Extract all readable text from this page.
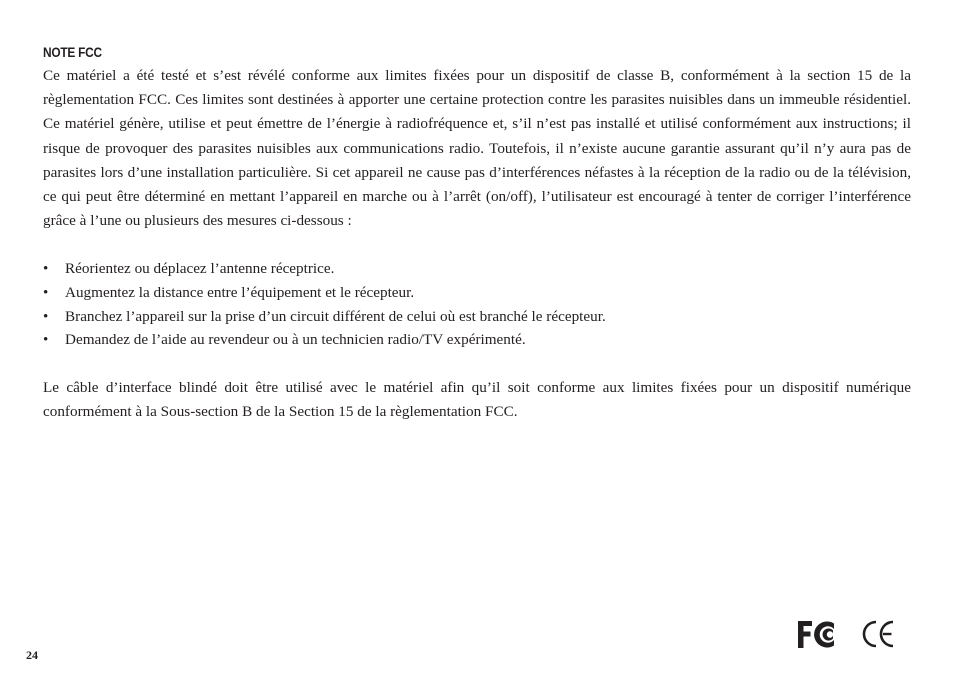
NOTE FCC

Ce matériel a été testé et s’est révélé conforme aux limites fixées pour un dispositif de classe B, conformément à la section 15 de la règlementation FCC. Ces limites sont destinées à apporter une certaine protection contre les parasites nuisibles dans un immeuble résidentiel. Ce matériel génère, utilise et peut émettre de l’énergie à radiofréquence et, s’il n’est pas installé et utilisé conformément aux instructions; il risque de provoquer des parasites nuisibles aux communications radio. Toutefois, il n’existe aucune garantie assurant qu’il n’y aura pas de parasites lors d’une installation particulière. Si cet appareil ne cause pas d’interférences néfastes à la réception de la radio ou de la télévision, ce qui peut être déterminé en mettant l’appareil en marche ou à l’arrêt (on/off), l’utilisateur est encouragé à tenter de corriger l’interférence grâce à l’une ou plusieurs des mesures ci-dessous :

• Réorientez ou déplacez l’antenne réceptrice.
• Augmentez la distance entre l’équipement et le récepteur.
• Branchez l’appareil sur la prise d’un circuit différent de celui où est branché le récepteur.
• Demandez de l’aide au revendeur ou à un technicien radio/TV expérimenté.

Le câble d’interface blindé doit être utilisé avec le matériel afin qu’il soit conforme aux limites fixées pour un dispositif numérique conformément à la Sous-section B de la Section 15 de la règlementation FCC.

24
